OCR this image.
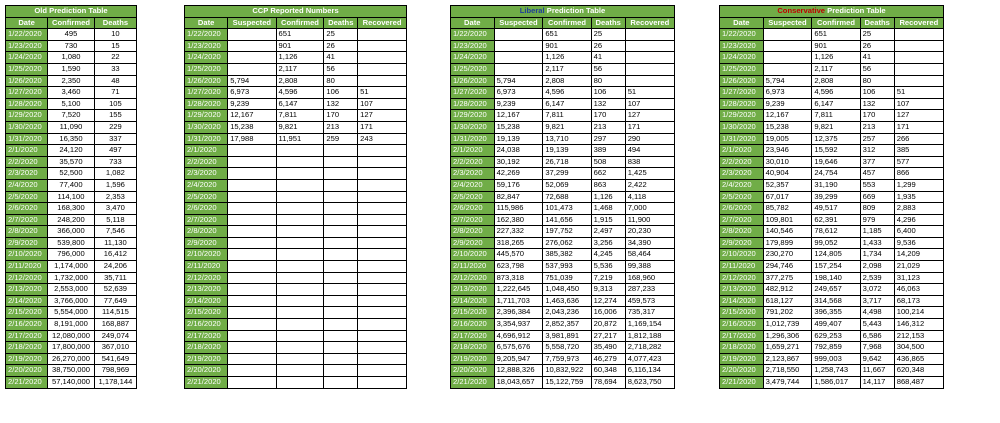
Old Prediction Table		
Date	Confirmed	Deaths
1/22/2020	495	10
1/23/2020	730	15
1/24/2020	1,080	22
1/25/2020	1,590	33
1/26/2020	2,350	48
1/27/2020	3,460	71
1/28/2020	5,100	105
1/29/2020	7,520	155
1/30/2020	11,090	229
1/31/2020	16,350	337
2/1/2020	24,120	497
2/2/2020	35,570	733
2/3/2020	52,500	1,082
2/4/2020	77,400	1,596
2/5/2020	114,100	2,353
2/6/2020	168,300	3,470
2/7/2020	248,200	5,118
2/8/2020	366,000	7,546
2/9/2020	539,800	11,130
2/10/2020	796,000	16,412
2/11/2020	1,174,000	24,206
2/12/2020	1,732,000	35,711
2/13/2020	2,553,000	52,639
2/14/2020	3,766,000	77,649
2/15/2020	5,554,000	114,515
2/16/2020	8,191,000	168,887
2/17/2020	12,080,000	249,074
2/18/2020	17,800,000	367,010
2/19/2020	26,270,000	541,649
2/20/2020	38,750,000	798,969
2/21/2020	57,140,000	1,178,144
CCP Reported Numbers				
Date	Suspected	Confirmed	Deaths	Recovered
1/22/2020		651	25	
1/23/2020		901	26	
1/24/2020		1,126	41	
1/25/2020		2,117	56	
1/26/2020	5,794	2,808	80	
1/27/2020	6,973	4,596	106	51
1/28/2020	9,239	6,147	132	107
1/29/2020	12,167	7,811	170	127
1/30/2020	15,238	9,821	213	171
1/31/2020	17,988	11,951	259	243
2/1/2020				
2/2/2020				
2/3/2020				
2/4/2020				
2/5/2020				
2/6/2020				
2/7/2020				
2/8/2020				
2/9/2020				
2/10/2020				
2/11/2020				
2/12/2020				
2/13/2020				
2/14/2020				
2/15/2020				
2/16/2020				
2/17/2020				
2/18/2020				
2/19/2020				
2/20/2020				
2/21/2020				
Liberal Prediction Table				
Date	Suspected	Confirmed	Deaths	Recovered
1/22/2020		651	25	
1/23/2020		901	26	
1/24/2020		1,126	41	
1/25/2020		2,117	56	
1/26/2020	5,794	2,808	80	
1/27/2020	6,973	4,596	106	51
1/28/2020	9,239	6,147	132	107
1/29/2020	12,167	7,811	170	127
1/30/2020	15,238	9,821	213	171
1/31/2020	19,139	13,710	297	290
2/1/2020	24,038	19,139	389	494
2/2/2020	30,192	26,718	508	838
2/3/2020	42,269	37,299	662	1,425
2/4/2020	59,176	52,069	863	2,422
2/5/2020	82,847	72,688	1,126	4,118
2/6/2020	115,986	101,473	1,468	7,000
2/7/2020	162,380	141,656	1,915	11,900
2/8/2020	227,332	197,752	2,497	20,230
2/9/2020	318,265	276,062	3,256	34,390
2/10/2020	445,570	385,382	4,245	58,464
2/11/2020	623,798	537,993	5,536	99,388
2/12/2020	873,318	751,039	7,219	168,960
2/13/2020	1,222,645	1,048,450	9,313	287,233
2/14/2020	1,711,703	1,463,636	12,274	459,573
2/15/2020	2,396,384	2,043,236	16,006	735,317
2/16/2020	3,354,937	2,852,357	20,872	1,169,154
2/17/2020	4,696,912	3,981,891	27,217	1,812,188
2/18/2020	6,575,676	5,558,720	35,490	2,718,282
2/19/2020	9,205,947	7,759,973	46,279	4,077,423
2/20/2020	12,888,326	10,832,922	60,348	6,116,134
2/21/2020	18,043,657	15,122,759	78,694	8,623,750
Conservative Prediction Table				
Date	Suspected	Confirmed	Deaths	Recovered
1/22/2020		651	25	
1/23/2020		901	26	
1/24/2020		1,126	41	
1/25/2020		2,117	56	
1/26/2020	5,794	2,808	80	
1/27/2020	6,973	4,596	106	51
1/28/2020	9,239	6,147	132	107
1/29/2020	12,167	7,811	170	127
1/30/2020	15,238	9,821	213	171
1/31/2020	19,005	12,375	257	266
2/1/2020	23,946	15,592	312	385
2/2/2020	30,010	19,646	377	577
2/3/2020	40,904	24,754	457	866
2/4/2020	52,357	31,190	553	1,299
2/5/2020	67,017	39,299	669	1,935
2/6/2020	85,782	49,517	809	2,883
2/7/2020	109,801	62,391	979	4,296
2/8/2020	140,546	78,612	1,185	6,400
2/9/2020	179,899	99,052	1,433	9,536
2/10/2020	230,270	124,805	1,734	14,209
2/11/2020	294,746	157,254	2,098	21,029
2/12/2020	377,275	198,140	2,539	31,123
2/13/2020	482,912	249,657	3,072	46,063
2/14/2020	618,127	314,568	3,717	68,173
2/15/2020	791,202	396,355	4,498	100,214
2/16/2020	1,012,739	499,407	5,443	146,312
2/17/2020	1,296,306	629,253	6,586	212,153
2/18/2020	1,659,271	792,859	7,968	304,500
2/19/2020	2,123,867	999,003	9,642	436,865
2/20/2020	2,718,550	1,258,743	11,667	620,348
2/21/2020	3,479,744	1,586,017	14,117	868,487
